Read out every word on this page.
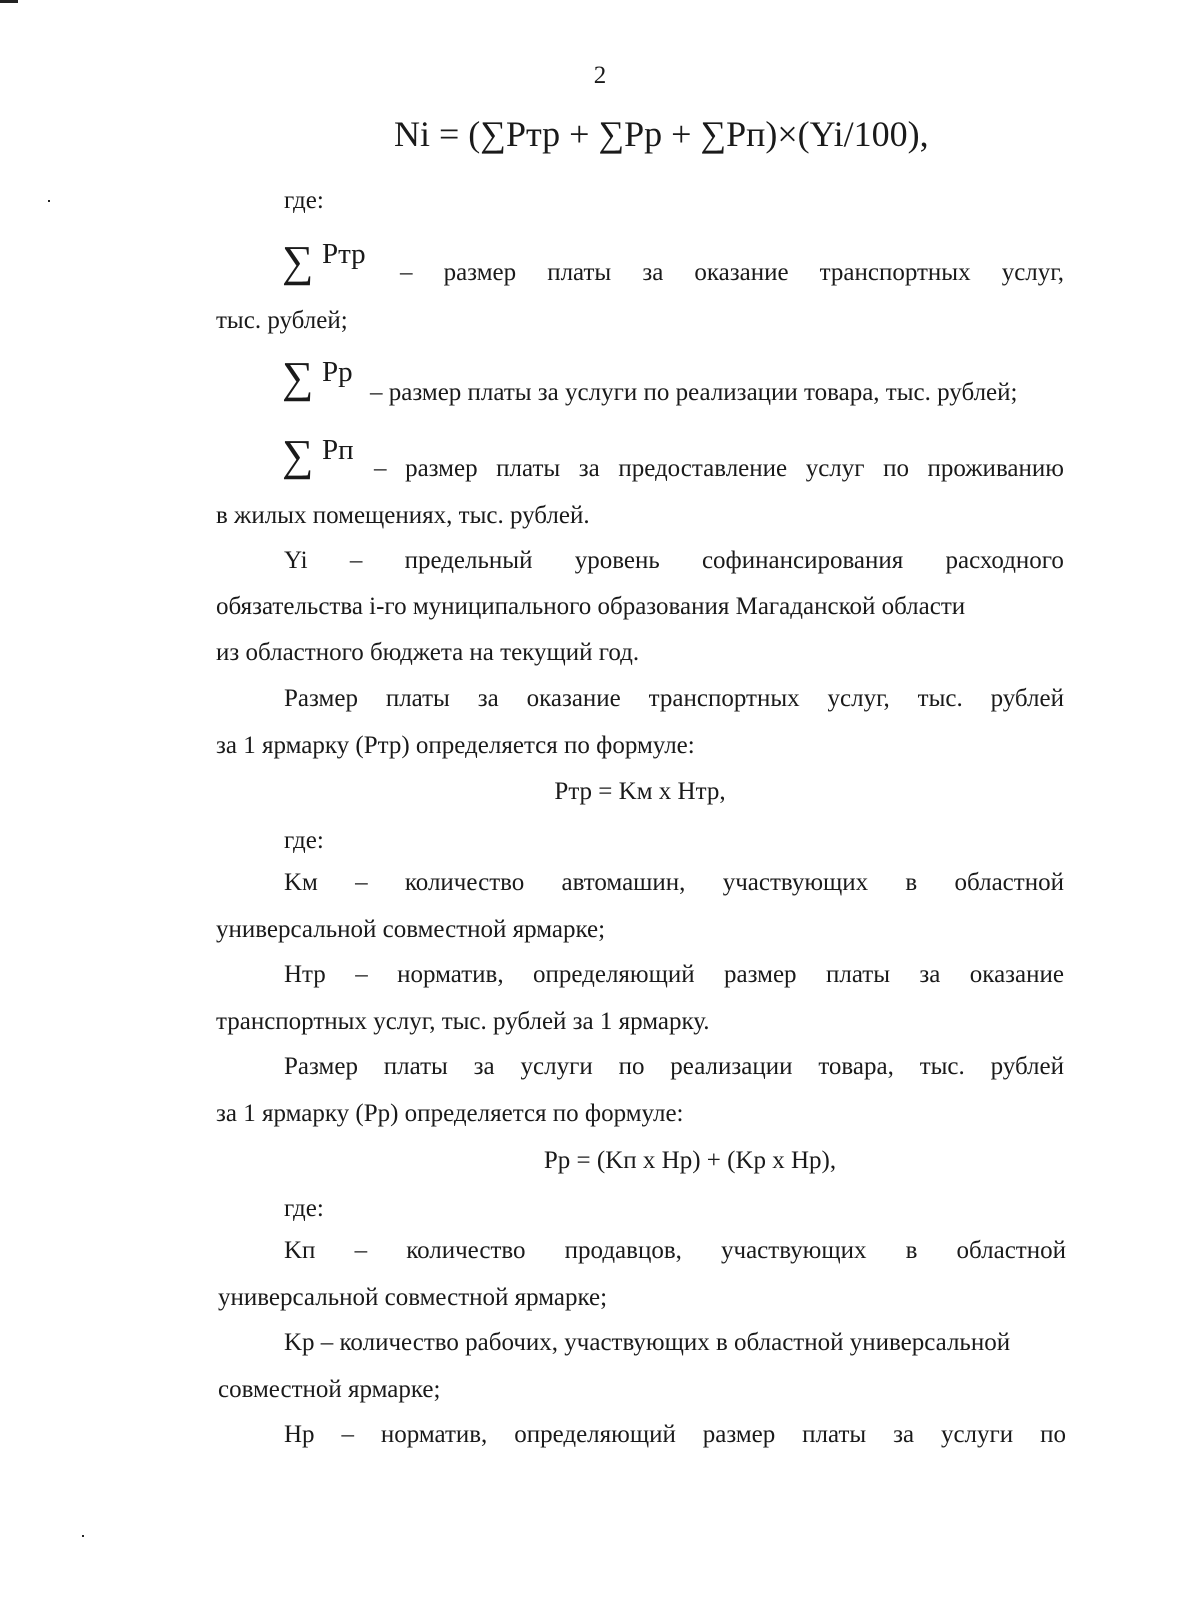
2
Ni = (∑Pтр + ∑Pp + ∑Pп)×(Yi/100),
где:
∑ Pтр
– размер платы за оказание транспортных услуг,
тыс. рублей;
∑ Pp
– размер платы за услуги по реализации товара, тыс. рублей;
∑ Pп
– размер платы за предоставление услуг по проживанию
в жилых помещениях, тыс. рублей.
Yi – предельный уровень софинансирования расходного
обязательства i-го муниципального образования Магаданской области
из областного бюджета на текущий год.
Размер платы за оказание транспортных услуг, тыс. рублей
за 1 ярмарку (Pтр) определяется по формуле:
Pтр = Kм х Hтр,
где:
Kм – количество автомашин, участвующих в областной
универсальной совместной ярмарке;
Hтр – норматив, определяющий размер платы за оказание
транспортных услуг, тыс. рублей за 1 ярмарку.
Размер платы за услуги по реализации товара, тыс. рублей
за 1 ярмарку (Pp) определяется по формуле:
Pp = (Kп х Hp) + (Kp х Hp),
где:
Kп – количество продавцов, участвующих в областной
универсальной совместной ярмарке;
Kp – количество рабочих, участвующих в областной универсальной
совместной ярмарке;
Hp – норматив, определяющий размер платы за услуги по
